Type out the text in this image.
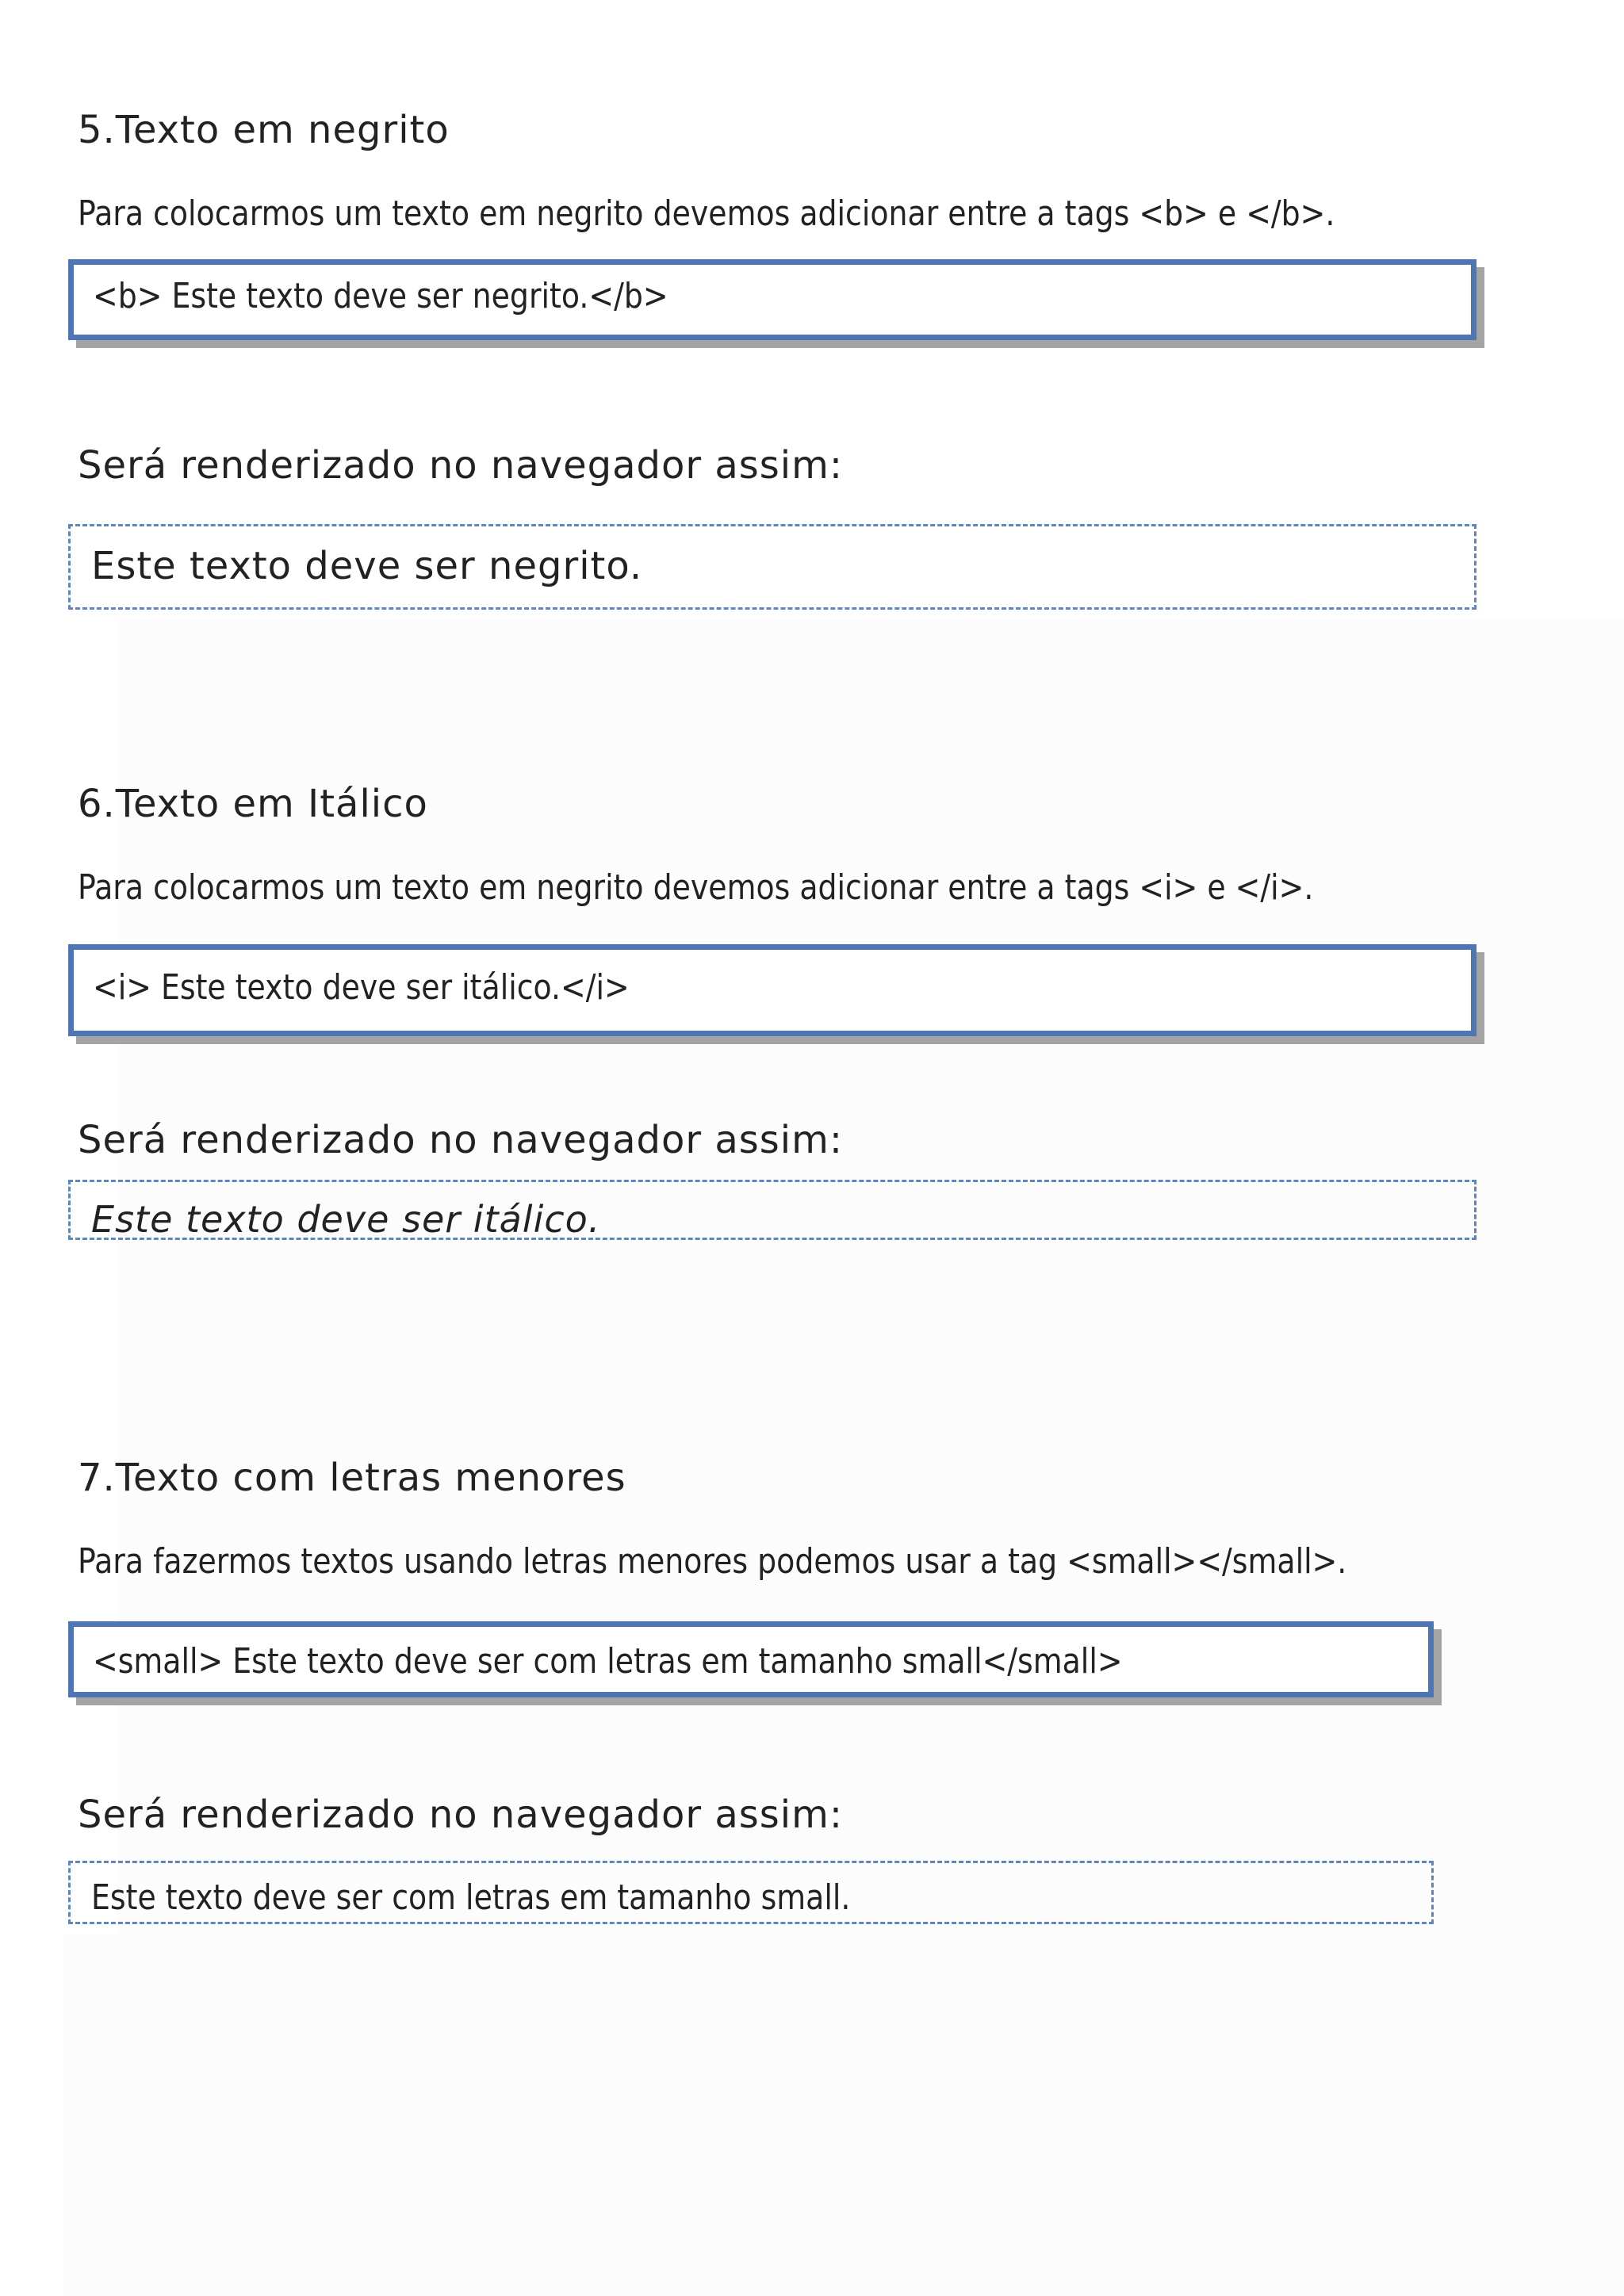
5.Texto em negrito
Para colocarmos um texto em negrito devemos adicionar entre a tags <b> e </b>.
<b> Este texto deve ser negrito.</b>
Será renderizado no navegador assim:
Este texto deve ser negrito.
6.Texto em Itálico
Para colocarmos um texto em negrito devemos adicionar entre a tags <i> e </i>.
<i> Este texto deve ser itálico.</i>
Será renderizado no navegador assim:
Este texto deve ser itálico.
7.Texto com letras menores
Para fazermos textos usando letras menores podemos usar a tag <small></small>.
<small> Este texto deve ser com letras em tamanho small</small>
Será renderizado no navegador assim:
Este texto deve ser com letras em tamanho small.
